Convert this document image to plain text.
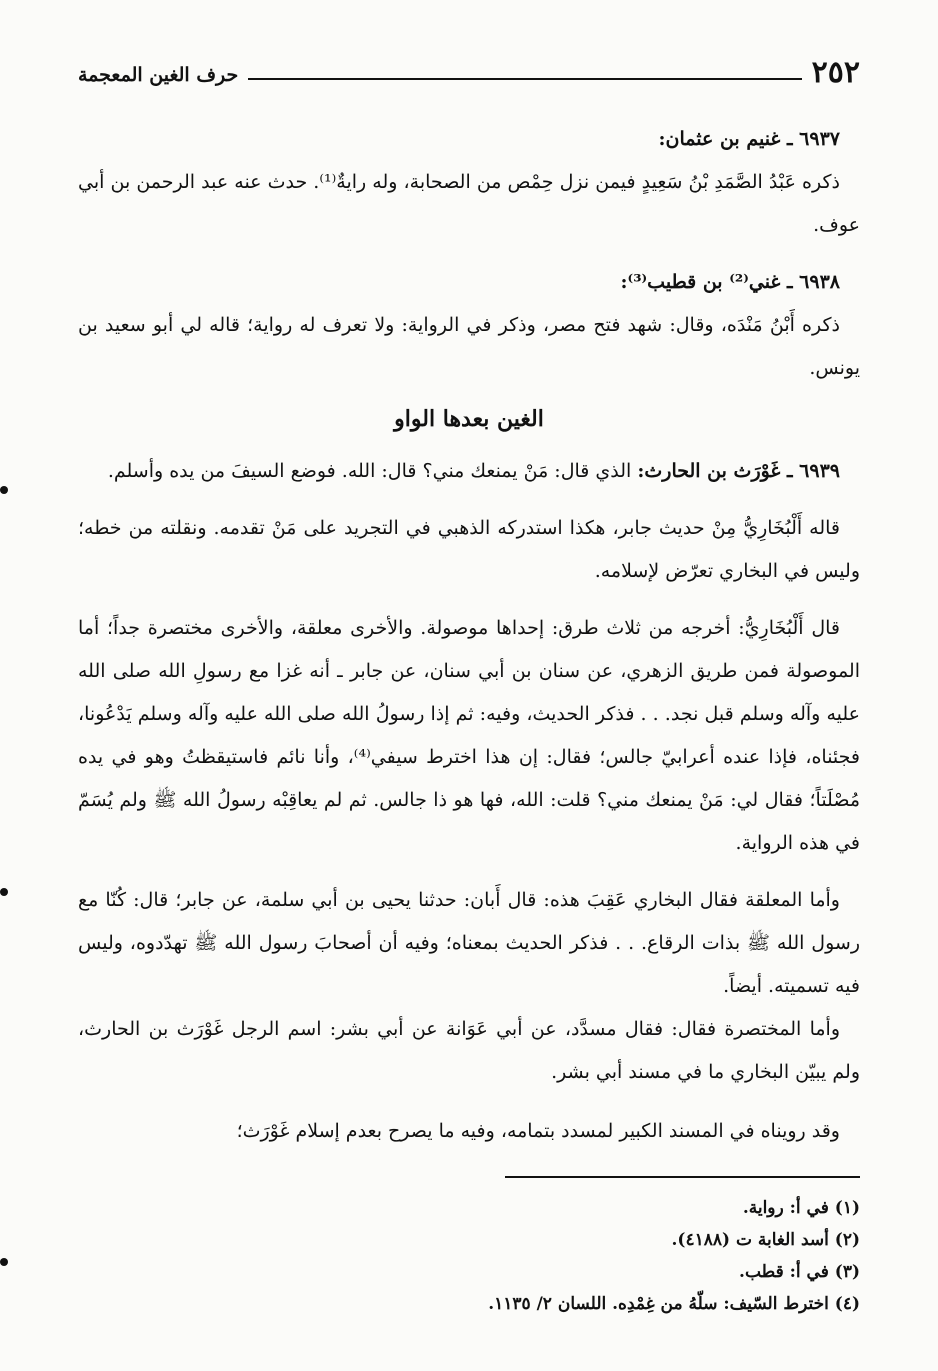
٢٥٢
حرف الغين المعجمة

٦٩٣٧ ـ غنيم بن عثمان:

ذكره عَبْدُ الصَّمَدِ بْنُ سَعِيدٍ فيمن نزل حِمْص من الصحابة، وله رايةٌ⁽¹⁾. حدث عنه عبد الرحمن بن أبي عوف.

٦٩٣٨ ـ غني⁽²⁾ بن قطيب⁽³⁾:

ذكره أَبْنُ مَنْدَه، وقال: شهد فتح مصر، وذكر في الرواية: ولا تعرف له رواية؛ قاله لي أبو سعيد بن يونس.

الغين بعدها الواو

٦٩٣٩ ـ غَوْرَث بن الحارث: الذي قال: مَنْ يمنعك مني؟ قال: الله. فوضع السيفَ من يده وأسلم.

قاله أَلْبُخَارِيُّ مِنْ حديث جابر، هكذا استدركه الذهبي في التجريد على مَنْ تقدمه. ونقلته من خطه؛ وليس في البخاري تعرّض لإسلامه.

قال أَلْبُخَارِيُّ: أخرجه من ثلاث طرق: إحداها موصولة. والأخرى معلقة، والأخرى مختصرة جداً؛ أما الموصولة فمن طريق الزهري، عن سنان بن أبي سنان، عن جابر ـ أنه غزا مع رسولِ الله صلى الله عليه وآله وسلم قبل نجد. . . فذكر الحديث، وفيه: ثم إذا رسولُ الله صلى الله عليه وآله وسلم يَدْعُونا، فجئناه، فإذا عنده أعرابيّ جالس؛ فقال: إن هذا اخترط سيفي⁽⁴⁾، وأنا نائم فاستيقظتُ وهو في يده مُصْلَتاً؛ فقال لي: مَنْ يمنعك مني؟ قلت: الله، فها هو ذا جالس. ثم لم يعاقِبْه رسولُ الله ﷺ ولم يُسَمّ في هذه الرواية.

وأما المعلقة فقال البخاري عَقِبَ هذه: قال أَبان: حدثنا يحيى بن أبي سلمة، عن جابر؛ قال: كُنّا مع رسول الله ﷺ بذات الرقاع. . . فذكر الحديث بمعناه؛ وفيه أن أصحابَ رسول الله ﷺ تهدّدوه، وليس فيه تسميته. أيضاً.

وأما المختصرة فقال: فقال مسدَّد، عن أبي عَوَانة عن أبي بشر: اسم الرجل غَوْرَث بن الحارث، ولم يبيّن البخاري ما في مسند أبي بشر.

وقد رويناه في المسند الكبير لمسدد بتمامه، وفيه ما يصرح بعدم إسلام غَوْرَث؛

(١) في أ: رواية.
(٢) أسد الغابة ت (٤١٨٨).
(٣) في أ: قطب.
(٤) اخترط السّيف: سلّهُ من غِمْدِه. اللسان ٢/ ١١٣٥.
